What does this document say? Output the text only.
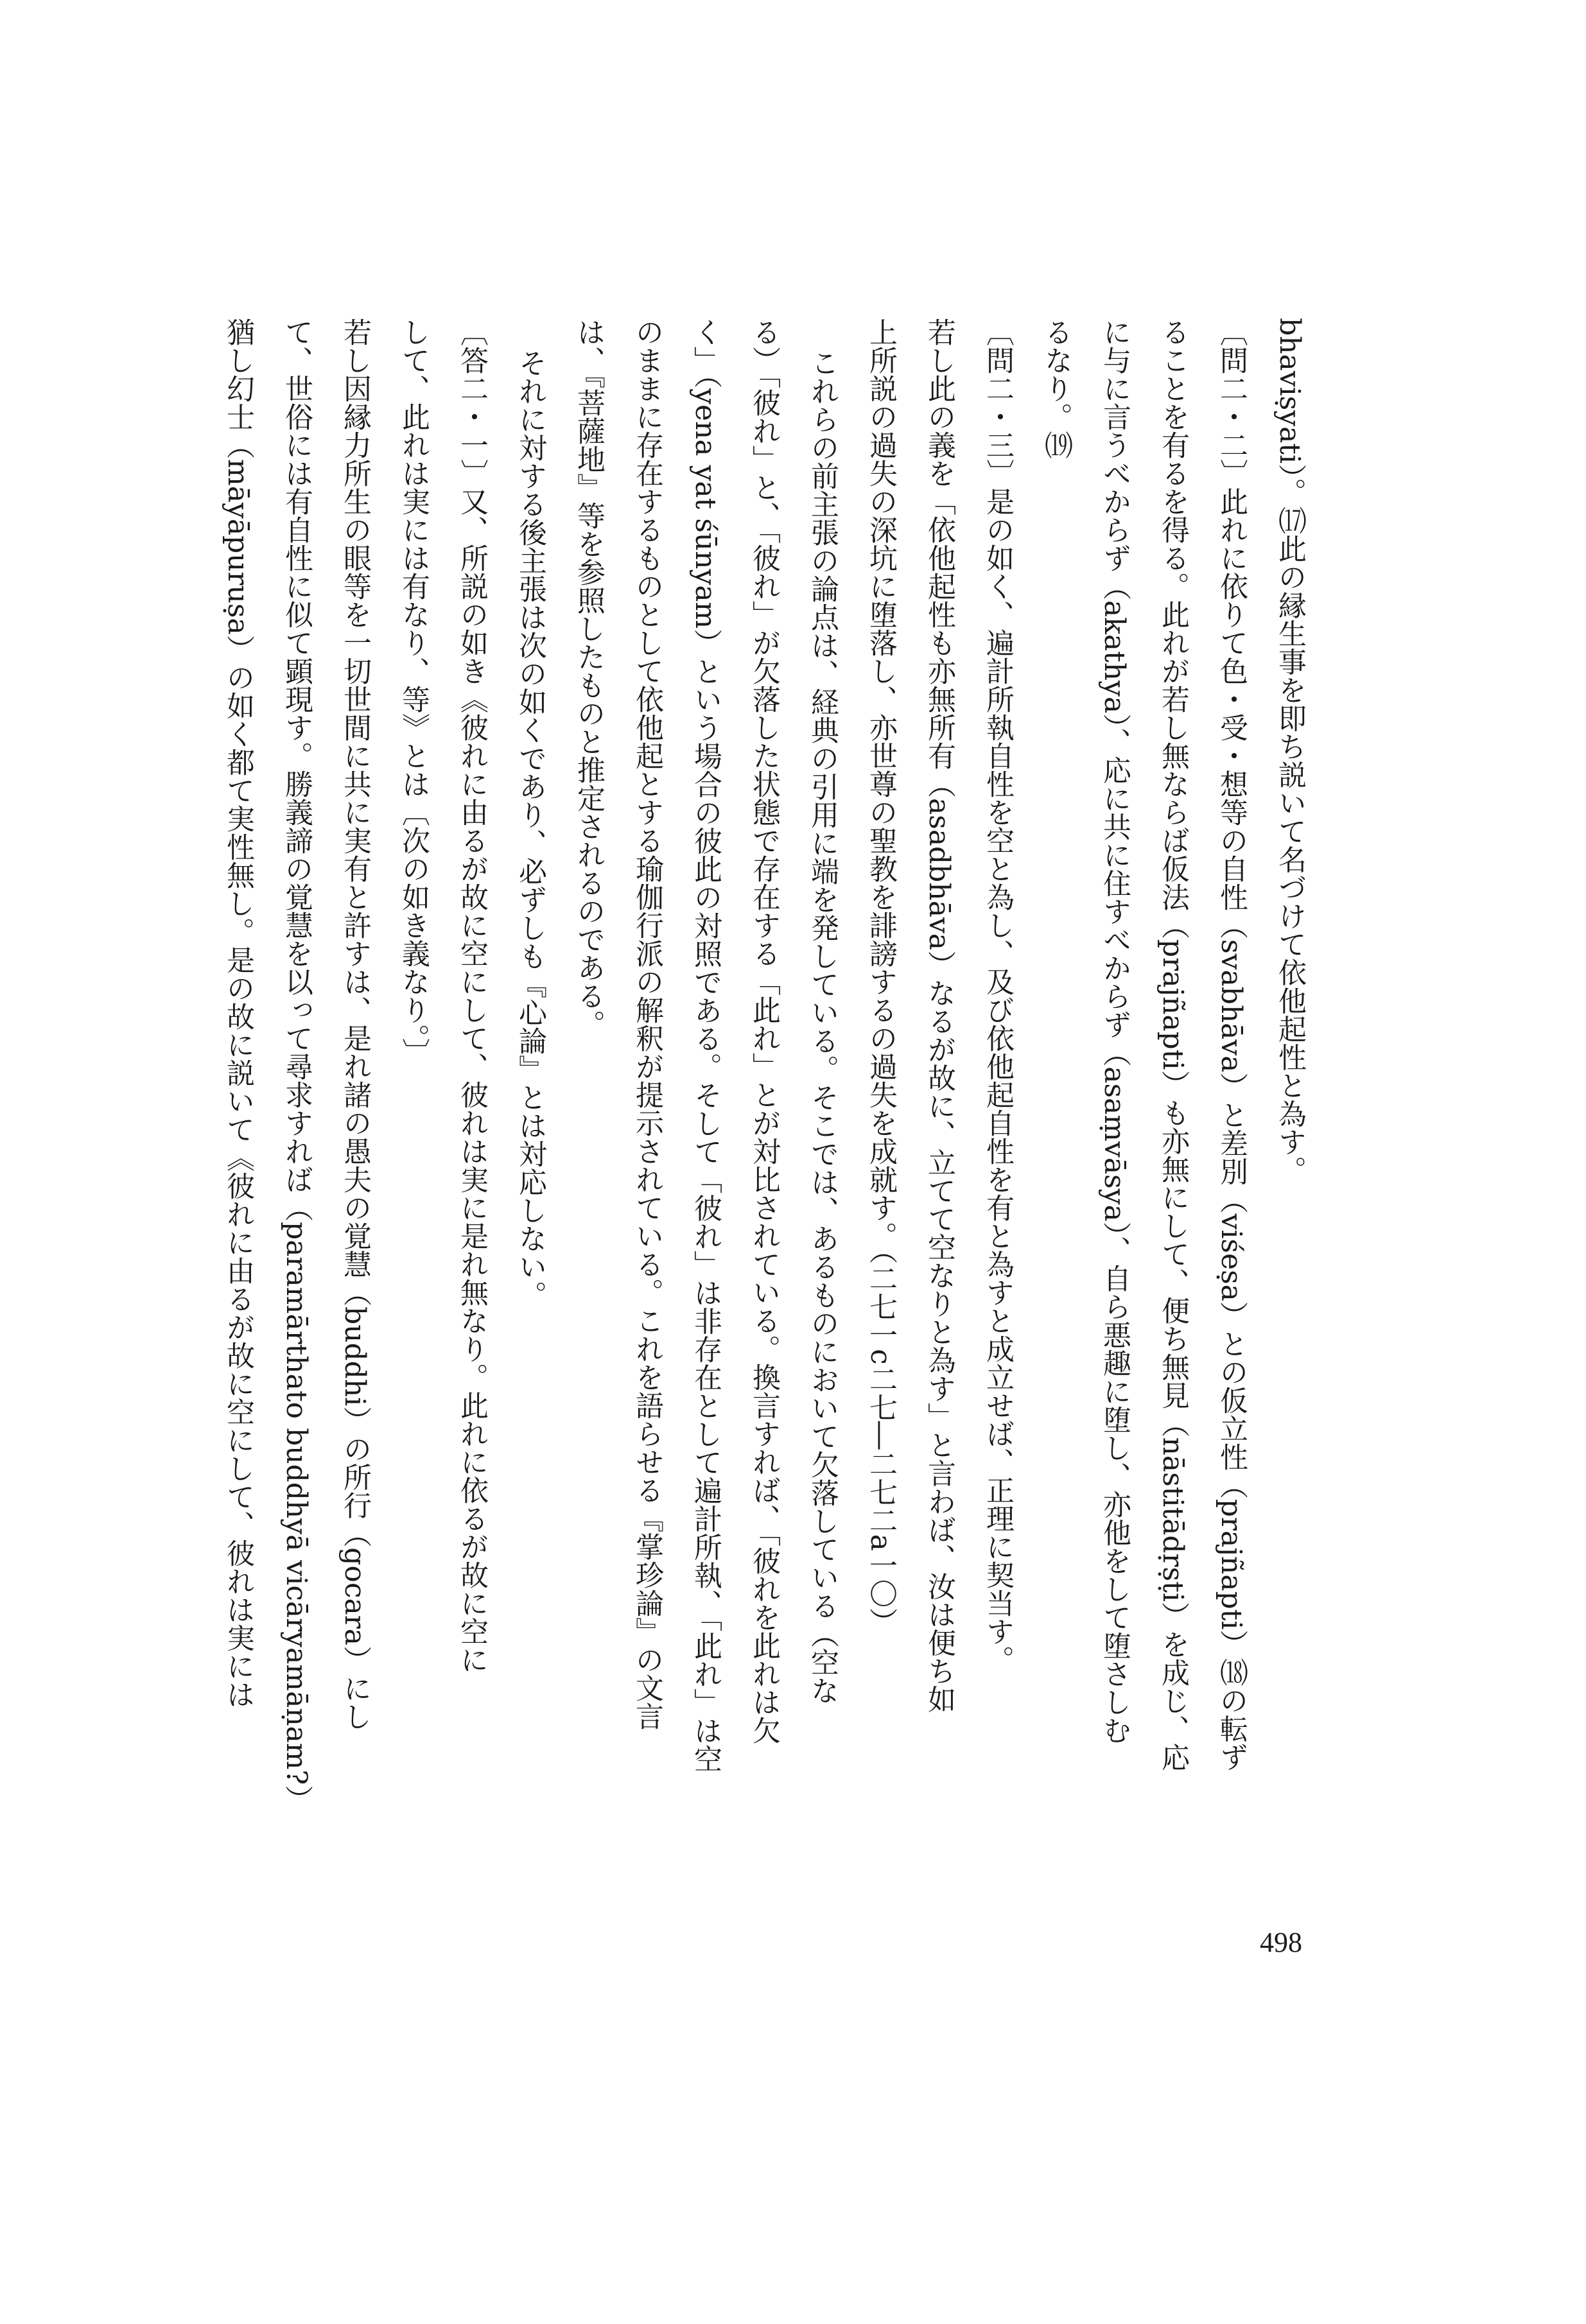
bhaviṣyati）。⒄此の縁生事を即ち説いて名づけて依他起性と為す。
〔問二・二〕此れに依りて色・受・想等の自性（svabhāva）と差別（viśeṣa）との仮立性（prajñapti）⒅の転ず
ることを有るを得る。此れが若し無ならば仮法（prajñapti）も亦無にして、便ち無見（nāstitādṛṣṭi）を成じ、応
に与に言うべからず（akathya）、応に共に住すべからず（asaṃvāsya）、自ら悪趣に堕し、亦他をして堕さしむ
るなり。⒆
〔問二・三〕是の如く、遍計所執自性を空と為し、及び依他起自性を有と為すと成立せば、正理に契当す。
若し此の義を「依他起性も亦無所有（asadbhāva）なるが故に、立てて空なりと為す」と言わば、汝は便ち如
上所説の過失の深坑に堕落し、亦世尊の聖教を誹謗するの過失を成就す。（二七一c二七―二七二a一〇）
これらの前主張の論点は、経典の引用に端を発している。そこでは、あるものにおいて欠落している（空な
る）「彼れ」と、「彼れ」が欠落した状態で存在する「此れ」とが対比されている。換言すれば、「彼れを此れは欠
く」（yena yat śūnyam）という場合の彼此の対照である。そして「彼れ」は非存在として遍計所執、「此れ」は空
のままに存在するものとして依他起とする瑜伽行派の解釈が提示されている。これを語らせる『掌珍論』の文言
は、『菩薩地』等を参照したものと推定されるのである。
それに対する後主張は次の如くであり、必ずしも『心論』とは対応しない。
〔答二・一〕又、所説の如き《彼れに由るが故に空にして、彼れは実に是れ無なり。此れに依るが故に空に
して、此れは実には有なり、等》とは〔次の如き義なり。〕
若し因縁力所生の眼等を一切世間に共に実有と許すは、是れ諸の愚夫の覚慧（buddhi）の所行（gocara）にし
て、世俗には有自性に似て顕現す。勝義諦の覚慧を以って尋求すれば（paramārthato buddhyā vicāryamāṇam?）
猶し幻士（māyāpuruṣa）の如く都て実性無し。是の故に説いて《彼れに由るが故に空にして、彼れは実には
498
